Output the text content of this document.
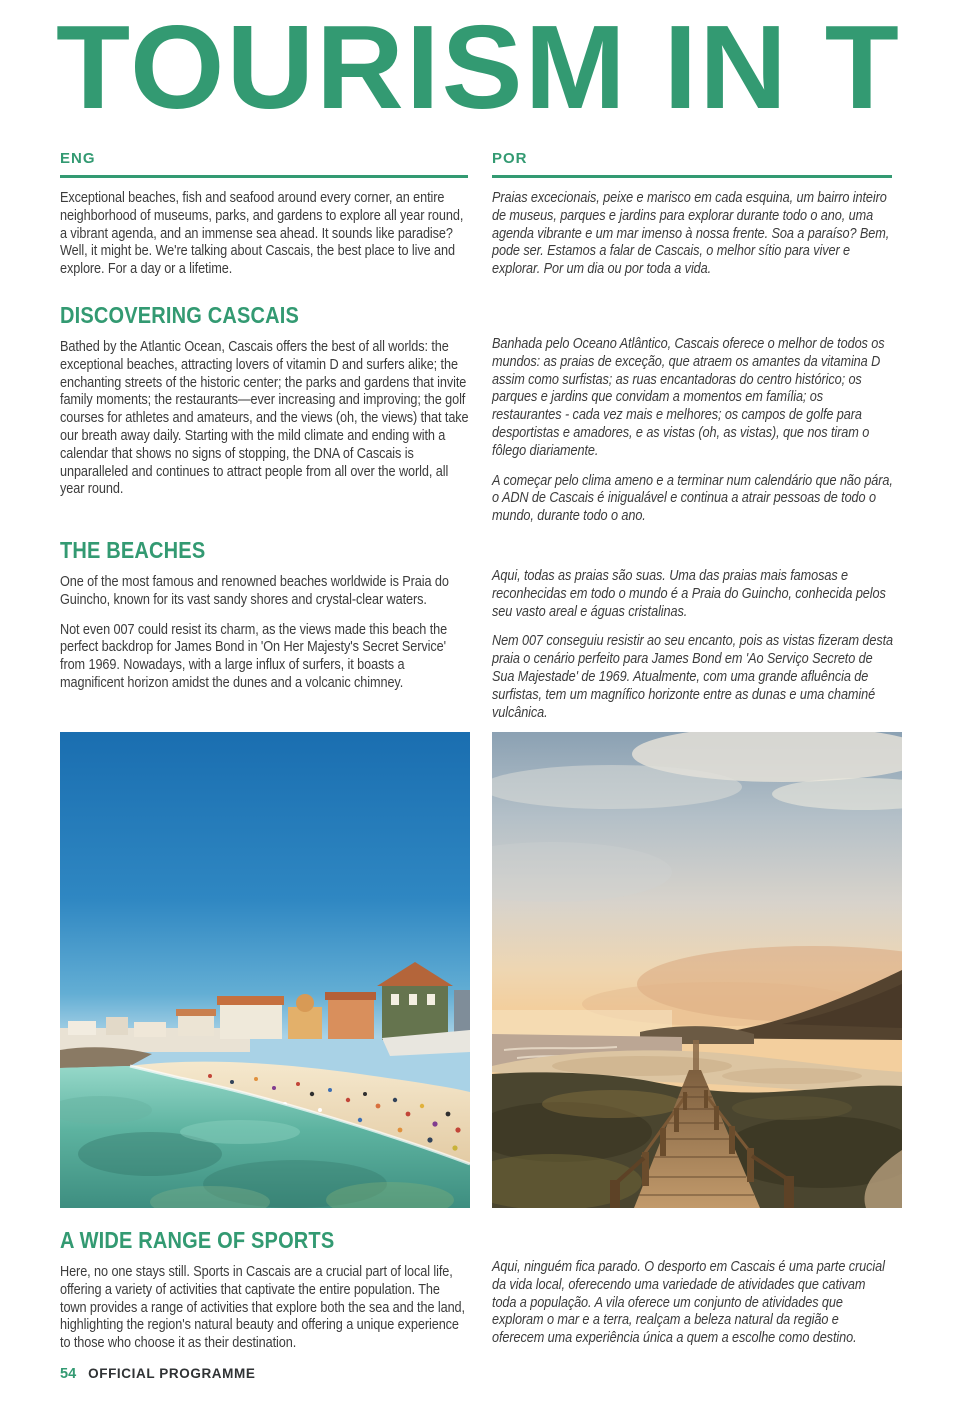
TOURISM IN T
ENG	POR

Exceptional beaches, fish and seafood around every corner, an entire neighborhood of museums, parks, and gardens to explore all year round, a vibrant agenda, and an immense sea ahead. It sounds like paradise? Well, it might be. We're talking about Cascais, the best place to live and explore. For a day or a lifetime.

Praias excecionais, peixe e marisco em cada esquina, um bairro inteiro de museus, parques e jardins para explorar durante todo o ano, uma agenda vibrante e um mar imenso à nossa frente. Soa a paraíso? Bem, pode ser. Estamos a falar de Cascais, o melhor sítio para viver e explorar. Por um dia ou por toda a vida.

DISCOVERING CASCAIS

Bathed by the Atlantic Ocean, Cascais offers the best of all worlds: the exceptional beaches, attracting lovers of vitamin D and surfers alike; the enchanting streets of the historic center; the parks and gardens that invite family moments; the restaurants—ever increasing and improving; the golf courses for athletes and amateurs, and the views (oh, the views) that take our breath away daily. Starting with the mild climate and ending with a calendar that shows no signs of stopping, the DNA of Cascais is unparalleled and continues to attract people from all over the world, all year round.

Banhada pelo Oceano Atlântico, Cascais oferece o melhor de todos os mundos: as praias de exceção, que atraem os amantes da vitamina D assim como surfistas; as ruas encantadoras do centro histórico; os parques e jardins que convidam a momentos em família; os restaurantes - cada vez mais e melhores; os campos de golfe para desportistas e amadores, e as vistas (oh, as vistas), que nos tiram o fôlego diariamente.

A começar pelo clima ameno e a terminar num calendário que não pára, o ADN de Cascais é inigualável e continua a atrair pessoas de todo o mundo, durante todo o ano.

THE BEACHES

One of the most famous and renowned beaches worldwide is Praia do Guincho, known for its vast sandy shores and crystal-clear waters.

Not even 007 could resist its charm, as the views made this beach the perfect backdrop for James Bond in 'On Her Majesty's Secret Service' from 1969. Nowadays, with a large influx of surfers, it boasts a magnificent horizon amidst the dunes and a volcanic chimney.

Aqui, todas as praias são suas. Uma das praias mais famosas e reconhecidas em todo o mundo é a Praia do Guincho, conhecida pelos seu vasto areal e águas cristalinas.

Nem 007 conseguiu resistir ao seu encanto, pois as vistas fizeram desta praia o cenário perfeito para James Bond em 'Ao Serviço Secreto de Sua Majestade' de 1969. Atualmente, com uma grande afluência de surfistas, tem um magnífico horizonte entre as dunas e uma chaminé vulcânica.

A WIDE RANGE OF SPORTS

Here, no one stays still. Sports in Cascais are a crucial part of local life, offering a variety of activities that captivate the entire population. The town provides a range of activities that explore both the sea and the land, highlighting the region's natural beauty and offering a unique experience to those who choose it as their destination.

Aqui, ninguém fica parado. O desporto em Cascais é uma parte crucial da vida local, oferecendo uma variedade de atividades que cativam toda a população. A vila oferece um conjunto de atividades que exploram o mar e a terra, realçam a beleza natural da região e oferecem uma experiência única a quem a escolhe como destino.

54 OFFICIAL PROGRAMME
